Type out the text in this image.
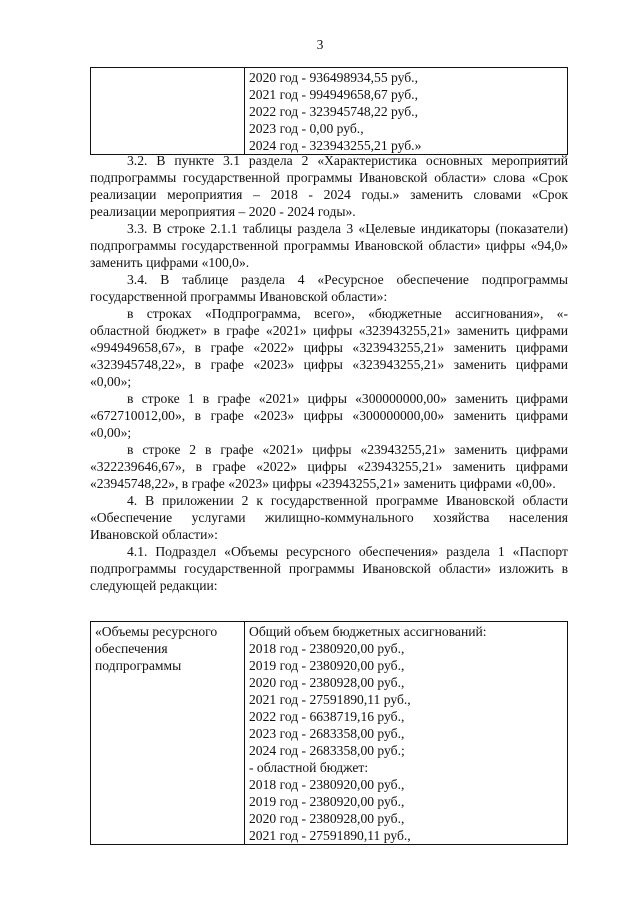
3

2020 год - 936498934,55 руб.,
2021 год - 994949658,67 руб.,
2022 год - 323945748,22 руб.,
2023 год - 0,00 руб.,
2024 год - 323943255,21 руб.»

3.2. В пункте 3.1 раздела 2 «Характеристика основных мероприятий подпрограммы государственной программы Ивановской области» слова «Срок реализации мероприятия – 2018 - 2024 годы.» заменить словами «Срок реализации мероприятия – 2020 - 2024 годы».

3.3. В строке 2.1.1 таблицы раздела 3 «Целевые индикаторы (показатели) подпрограммы государственной программы Ивановской области» цифры «94,0» заменить цифрами «100,0».

3.4. В таблице раздела 4 «Ресурсное обеспечение подпрограммы государственной программы Ивановской области»:

в строках «Подпрограмма, всего», «бюджетные ассигнования», «- областной бюджет» в графе «2021» цифры «323943255,21» заменить цифрами «994949658,67», в графе «2022» цифры «323943255,21» заменить цифрами «323945748,22», в графе «2023» цифры «323943255,21» заменить цифрами «0,00»;

в строке 1 в графе «2021» цифры «300000000,00» заменить цифрами «672710012,00», в графе «2023» цифры «300000000,00» заменить цифрами «0,00»;

в строке 2 в графе «2021» цифры «23943255,21» заменить цифрами «322239646,67», в графе «2022» цифры «23943255,21» заменить цифрами «23945748,22», в графе «2023» цифры «23943255,21» заменить цифрами «0,00».

4. В приложении 2 к государственной программе Ивановской области «Обеспечение услугами жилищно-коммунального хозяйства населения Ивановской области»:

4.1. Подраздел «Объемы ресурсного обеспечения» раздела 1 «Паспорт подпрограммы государственной программы Ивановской области» изложить в следующей редакции:

«Объемы ресурсного
обеспечения
подпрограммы

Общий объем бюджетных ассигнований:
2018 год - 2380920,00 руб.,
2019 год - 2380920,00 руб.,
2020 год - 2380928,00 руб.,
2021 год - 27591890,11 руб.,
2022 год - 6638719,16 руб.,
2023 год - 2683358,00 руб.,
2024 год - 2683358,00 руб.;
- областной бюджет:
2018 год - 2380920,00 руб.,
2019 год - 2380920,00 руб.,
2020 год - 2380928,00 руб.,
2021 год - 27591890,11 руб.,
